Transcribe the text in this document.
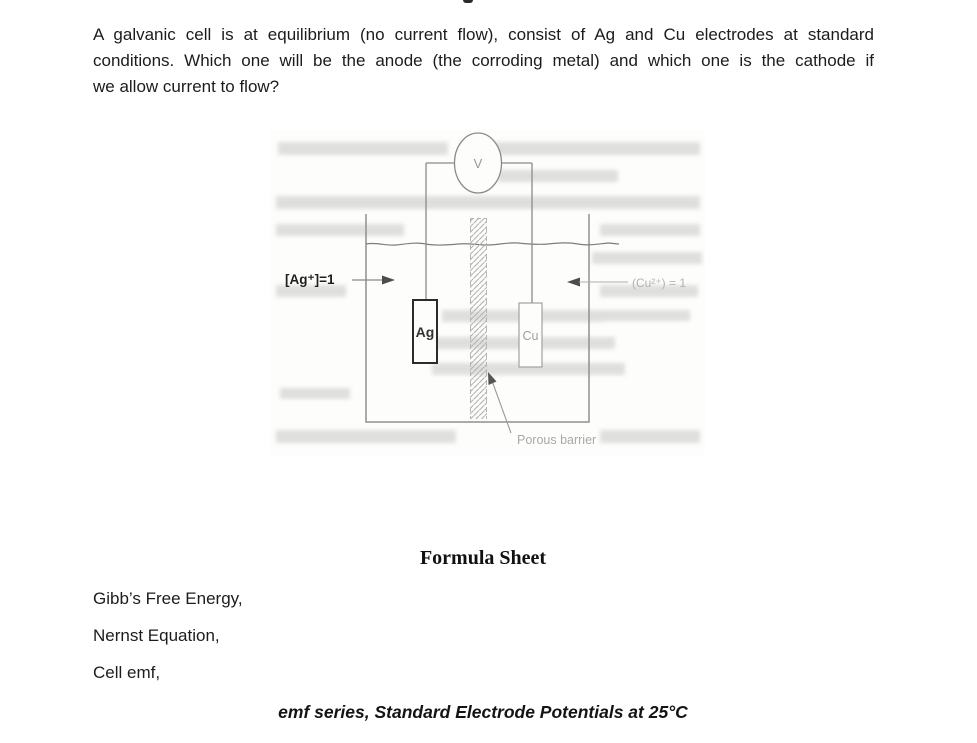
A galvanic cell is at equilibrium (no current flow), consist of Ag and Cu electrodes at standard
conditions. Which one will be the anode (the corroding metal) and which one is the cathode if
we allow current to flow?
V
Ag	Cu
[Ag⁺]=1	(Cu²⁺) = 1
Porous barrier
Formula Sheet
Gibb’s Free Energy,
Nernst Equation,
Cell emf,
emf series, Standard Electrode Potentials at 25°C
